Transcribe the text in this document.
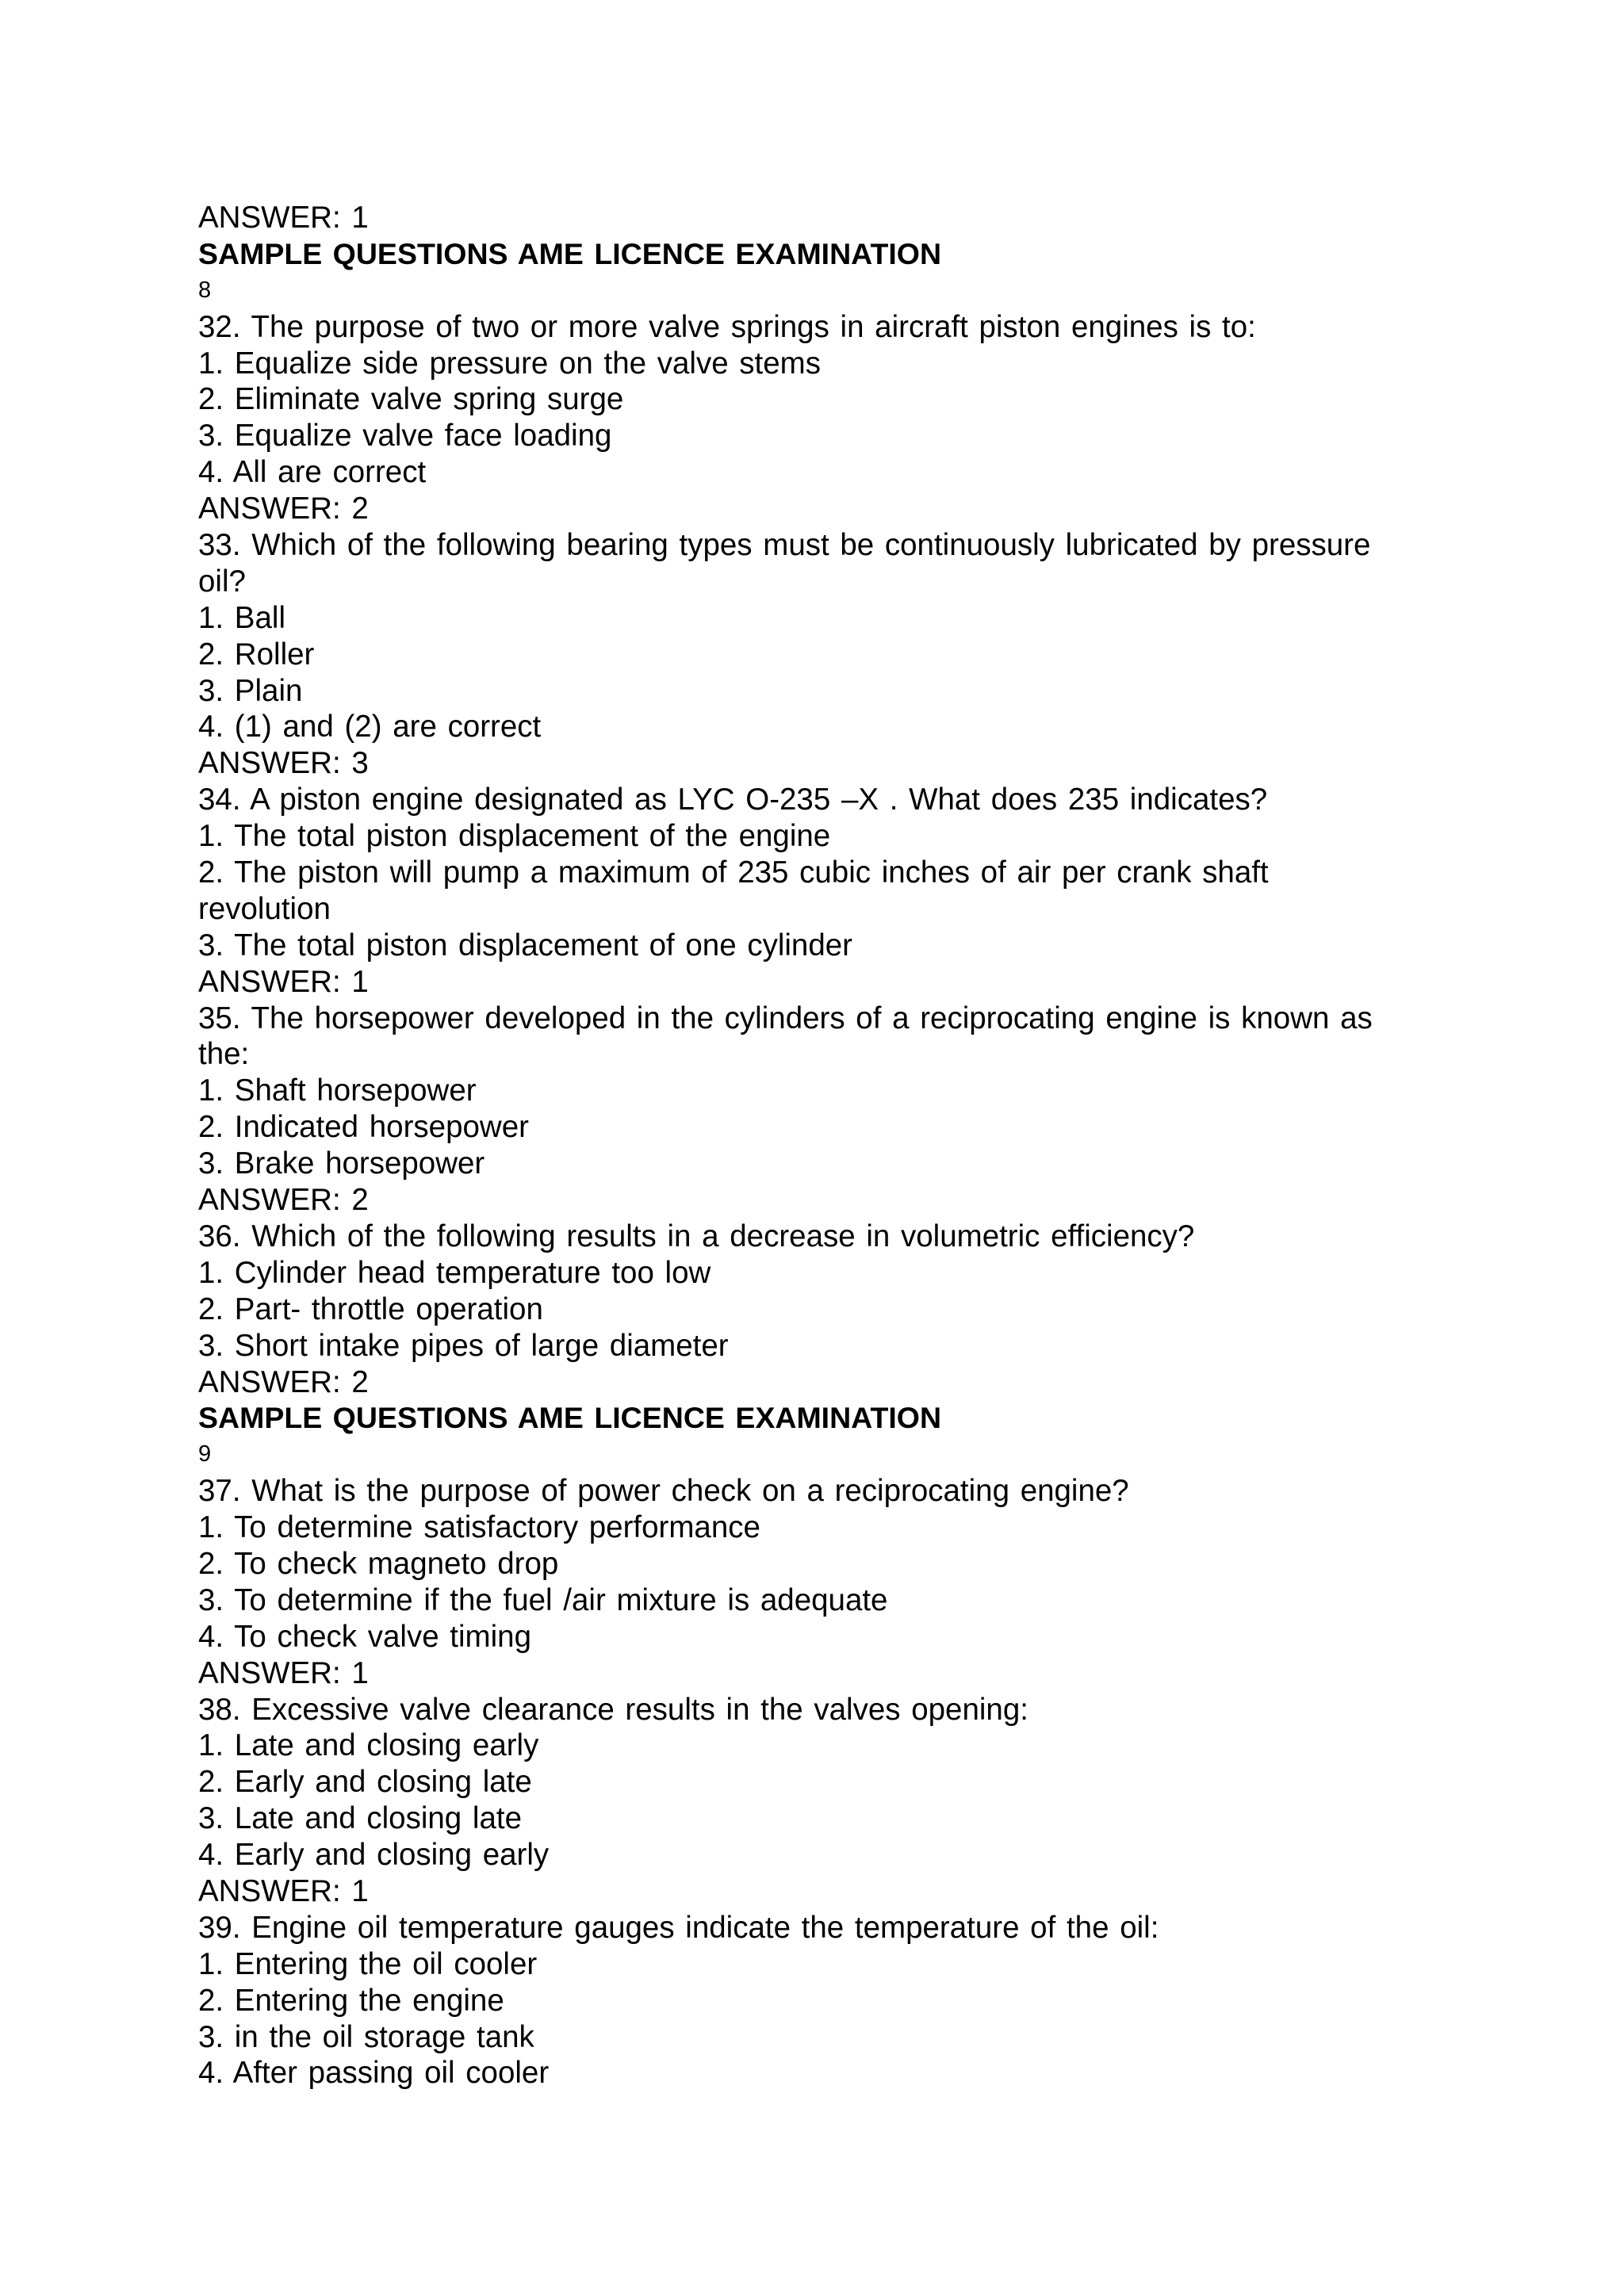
ANSWER: 1
SAMPLE QUESTIONS AME LICENCE EXAMINATION
8
32. The purpose of two or more valve springs in aircraft piston engines is to:
1. Equalize side pressure on the valve stems
2. Eliminate valve spring surge
3. Equalize valve face loading
4. All are correct
ANSWER: 2
33. Which of the following bearing types must be continuously lubricated by pressure
oil?
1. Ball
2. Roller
3. Plain
4. (1) and (2) are correct
ANSWER: 3
34. A piston engine designated as LYC O-235 –X . What does 235 indicates?
1. The total piston displacement of the engine
2. The piston will pump a maximum of 235 cubic inches of air per crank shaft
revolution
3. The total piston displacement of one cylinder
ANSWER: 1
35. The horsepower developed in the cylinders of a reciprocating engine is known as
the:
1. Shaft horsepower
2. Indicated horsepower
3. Brake horsepower
ANSWER: 2
36. Which of the following results in a decrease in volumetric efficiency?
1. Cylinder head temperature too low
2. Part- throttle operation
3. Short intake pipes of large diameter
ANSWER: 2
SAMPLE QUESTIONS AME LICENCE EXAMINATION
9
37. What is the purpose of power check on a reciprocating engine?
1. To determine satisfactory performance
2. To check magneto drop
3. To determine if the fuel /air mixture is adequate
4. To check valve timing
ANSWER: 1
38. Excessive valve clearance results in the valves opening:
1. Late and closing early
2. Early and closing late
3. Late and closing late
4. Early and closing early
ANSWER: 1
39. Engine oil temperature gauges indicate the temperature of the oil:
1. Entering the oil cooler
2. Entering the engine
3. in the oil storage tank
4. After passing oil cooler
